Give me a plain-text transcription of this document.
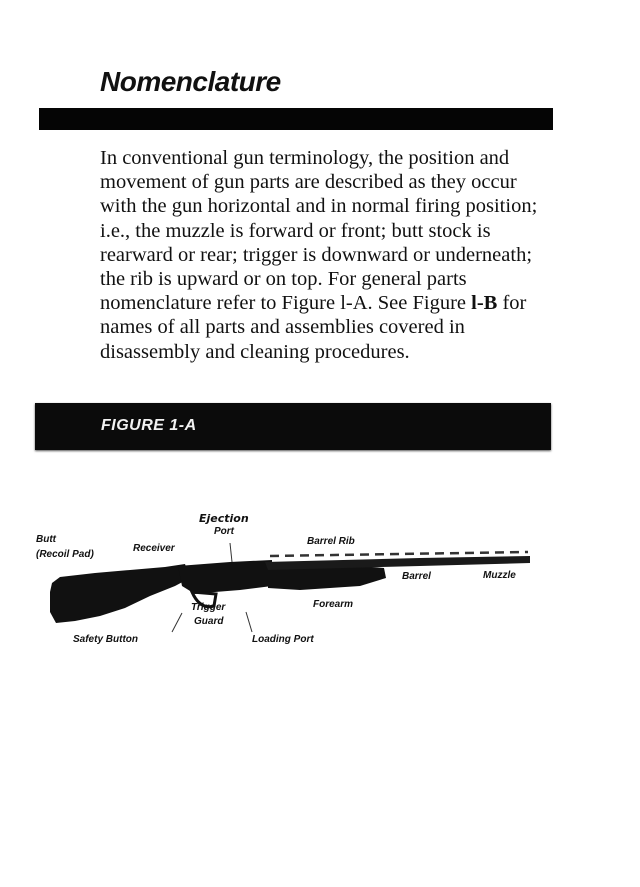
Nomenclature
In conventional gun terminology, the position and movement of gun parts are described as they occur with the gun horizontal and in normal firing position; i.e., the muzzle is forward or front; butt stock is rearward or rear; trigger is downward or underneath; the rib is upward or on top. For general parts nomenclature refer to Figure l-A. See Figure l-B for names of all parts and assemblies covered in disassembly and cleaning procedures.
FIGURE 1-A
Ejection
Port
Butt
(Recoil Pad)
Receiver
Barrel Rib
Barrel	Muzzle
Trigger
Guard
Forearm
Safety Button	Loading Port
